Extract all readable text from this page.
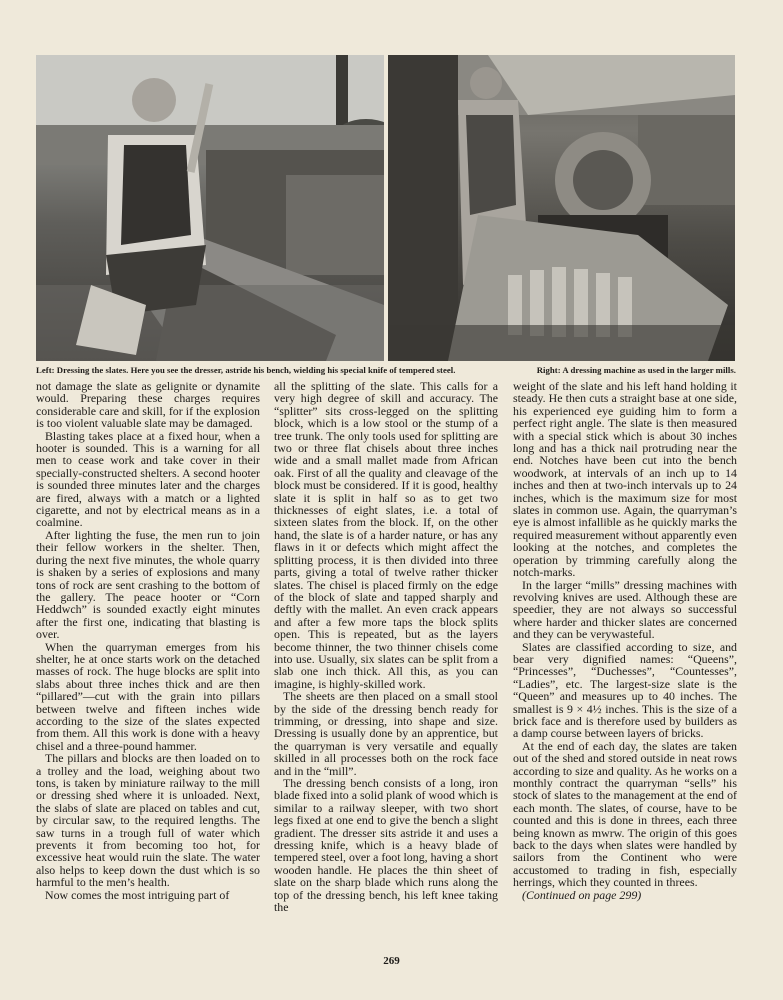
Left: Dressing the slates. Here you see the dresser, astride his bench, wielding his special knife of tempered steel.	Right: A dressing machine as used in the larger mills.

not damage the slate as gelignite or dynamite would. Preparing these charges requires considerable care and skill, for if the explosion is too violent valuable slate may be damaged.

Blasting takes place at a fixed hour, when a hooter is sounded. This is a warning for all men to cease work and take cover in their specially-constructed shelters. A second hooter is sounded three minutes later and the charges are fired, always with a match or a lighted cigarette, and not by electrical means as in a coalmine.

After lighting the fuse, the men run to join their fellow workers in the shelter. Then, during the next five minutes, the whole quarry is shaken by a series of explosions and many tons of rock are sent crashing to the bottom of the gallery. The peace hooter or “Corn Heddwch” is sounded exactly eight minutes after the first one, indicating that blasting is over.

When the quarryman emerges from his shelter, he at once starts work on the detached masses of rock. The huge blocks are split into slabs about three inches thick and are then “pillared”—cut with the grain into pillars between twelve and fifteen inches wide according to the size of the slates expected from them. All this work is done with a heavy chisel and a three-pound hammer.

The pillars and blocks are then loaded on to a trolley and the load, weighing about two tons, is taken by miniature railway to the mill or dressing shed where it is unloaded. Next, the slabs of slate are placed on tables and cut, by circular saw, to the required lengths. The saw turns in a trough full of water which prevents it from becoming too hot, for excessive heat would ruin the slate. The water also helps to keep down the dust which is so harmful to the men’s health.

Now comes the most intriguing part of

all the splitting of the slate. This calls for a very high degree of skill and accuracy. The “splitter” sits cross-legged on the splitting block, which is a low stool or the stump of a tree trunk. The only tools used for splitting are two or three flat chisels about three inches wide and a small mallet made from African oak. First of all the quality and cleavage of the block must be considered. If it is good, healthy slate it is split in half so as to get two thicknesses of eight slates, i.e. a total of sixteen slates from the block. If, on the other hand, the slate is of a harder nature, or has any flaws in it or defects which might affect the splitting process, it is then divided into three parts, giving a total of twelve rather thicker slates. The chisel is placed firmly on the edge of the block of slate and tapped sharply and deftly with the mallet. An even crack appears and after a few more taps the block splits open. This is repeated, but as the layers become thinner, the two thinner chisels come into use. Usually, six slates can be split from a slab one inch thick. All this, as you can imagine, is highly-skilled work.

The sheets are then placed on a small stool by the side of the dressing bench ready for trimming, or dressing, into shape and size. Dressing is usually done by an apprentice, but the quarryman is very versatile and equally skilled in all processes both on the rock face and in the “mill”.

The dressing bench consists of a long, iron blade fixed into a solid plank of wood which is similar to a railway sleeper, with two short legs fixed at one end to give the bench a slight gradient. The dresser sits astride it and uses a dressing knife, which is a heavy blade of tempered steel, over a foot long, having a short wooden handle. He places the thin sheet of slate on the sharp blade which runs along the top of the dressing bench, his left knee taking the

weight of the slate and his left hand holding it steady. He then cuts a straight base at one side, his experienced eye guiding him to form a perfect right angle. The slate is then measured with a special stick which is about 30 inches long and has a thick nail protruding near the end. Notches have been cut into the bench woodwork, at intervals of an inch up to 14 inches and then at two-inch intervals up to 24 inches, which is the maximum size for most slates in common use. Again, the quarryman’s eye is almost infallible as he quickly marks the required measurement without apparently even looking at the notches, and completes the operation by trimming carefully along the notch-marks.

In the larger “mills” dressing machines with revolving knives are used. Although these are speedier, they are not always so successful where harder and thicker slates are concerned and they can be verywasteful.

Slates are classified according to size, and bear very dignified names: “Queens”, “Princesses”, “Duchesses”, “Countesses”, “Ladies”, etc. The largest-size slate is the “Queen” and measures up to 40 inches. The smallest is 9 × 4½ inches. This is the size of a brick face and is therefore used by builders as a damp course between layers of bricks.

At the end of each day, the slates are taken out of the shed and stored outside in neat rows according to size and quality. As he works on a monthly contract the quarryman “sells” his stock of slates to the management at the end of each month. The slates, of course, have to be counted and this is done in threes, each three being known as mwrw. The origin of this goes back to the days when slates were handled by sailors from the Continent who were accustomed to trading in fish, especially herrings, which they counted in threes.

(Continued on page 299)

269
